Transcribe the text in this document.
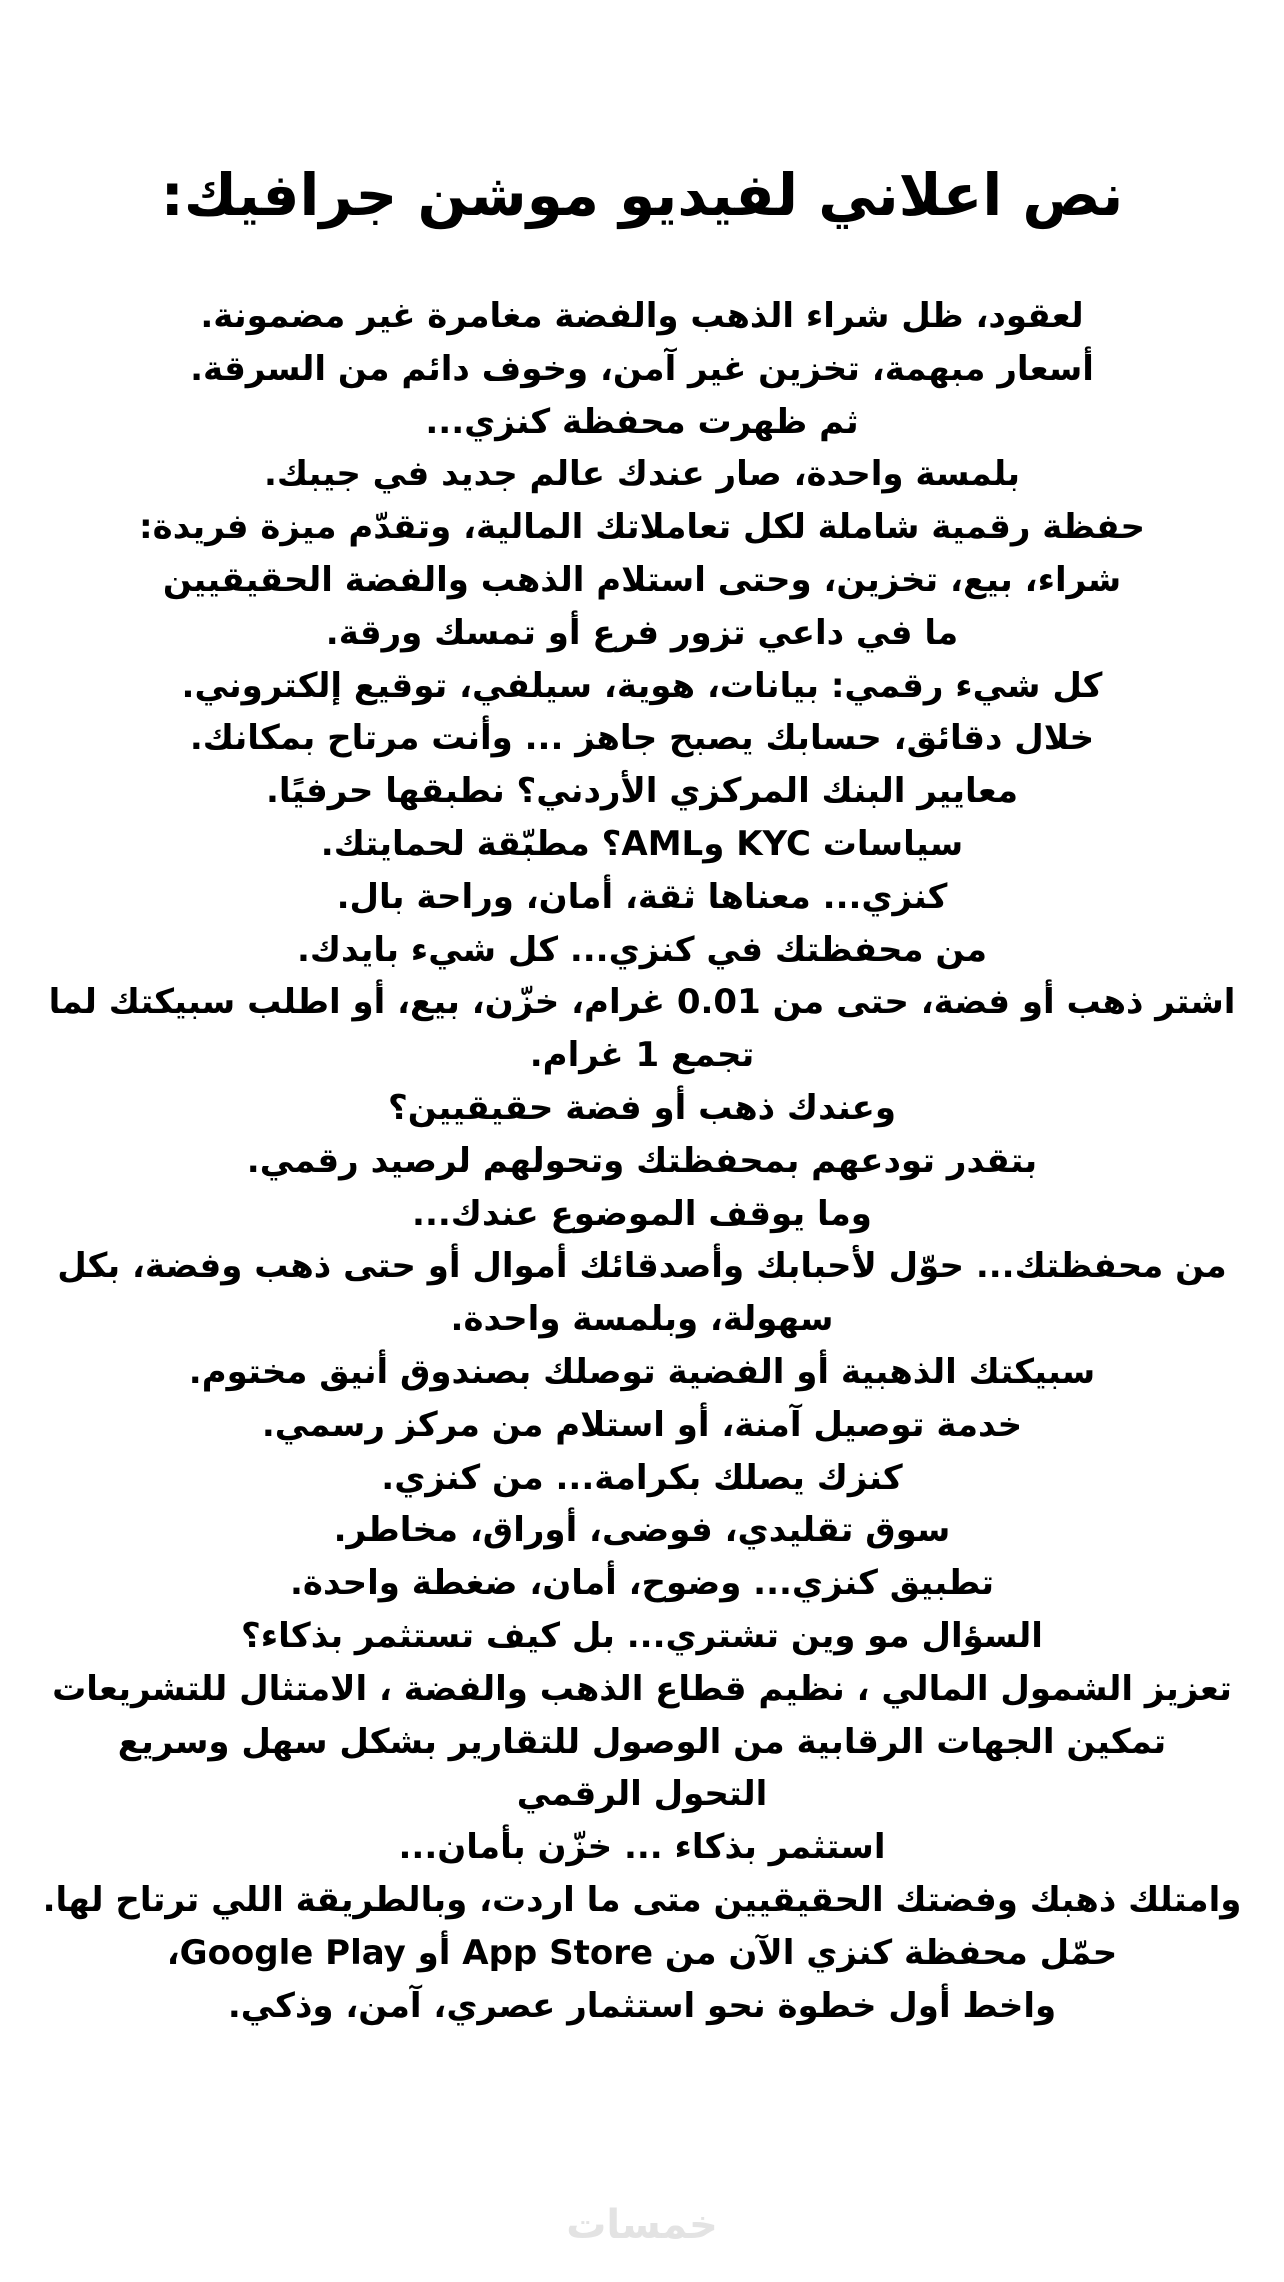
نص اعلاني لفيديو موشن جرافيك:
لعقود، ظل شراء الذهب والفضة مغامرة غير مضمونة.
أسعار مبهمة، تخزين غير آمن، وخوف دائم من السرقة.
ثم ظهرت محفظة كنزي...
بلمسة واحدة، صار عندك عالم جديد في جيبك.
حفظة رقمية شاملة لكل تعاملاتك المالية، وتقدّم ميزة فريدة:
شراء، بيع، تخزين، وحتى استلام الذهب والفضة الحقيقيين
ما في داعي تزور فرع أو تمسك ورقة.
كل شيء رقمي: بيانات، هوية، سيلفي، توقيع إلكتروني.
خلال دقائق، حسابك يصبح جاهز ... وأنت مرتاح بمكانك.
معايير البنك المركزي الأردني؟ نطبقها حرفيًا.
سياسات KYC وAML؟ مطبّقة لحمايتك.
كنزي... معناها ثقة، أمان، وراحة بال.
من محفظتك في كنزي... كل شيء بايدك.
اشتر ذهب أو فضة، حتى من 0.01 غرام، خزّن، بيع، أو اطلب سبيكتك لما تجمع 1 غرام.
وعندك ذهب أو فضة حقيقيين؟
بتقدر تودعهم بمحفظتك وتحولهم لرصيد رقمي.
وما يوقف الموضوع عندك...
من محفظتك... حوّل لأحبابك وأصدقائك أموال أو حتى ذهب وفضة، بكل سهولة، وبلمسة واحدة.
سبيكتك الذهبية أو الفضية توصلك بصندوق أنيق مختوم.
خدمة توصيل آمنة، أو استلام من مركز رسمي.
كنزك يصلك بكرامة... من كنزي.
سوق تقليدي، فوضى، أوراق، مخاطر.
تطبيق كنزي... وضوح، أمان، ضغطة واحدة.
السؤال مو وين تشتري... بل كيف تستثمر بذكاء؟
تعزيز الشمول المالي ، نظيم قطاع الذهب والفضة ، الامتثال للتشريعات تمكين الجهات الرقابية من الوصول للتقارير بشكل سهل وسريع
التحول الرقمي
استثمر بذكاء ... خزّن بأمان...
وامتلك ذهبك وفضتك الحقيقيين متى ما اردت، وبالطريقة اللي ترتاح لها.
حمّل محفظة كنزي الآن من App Store أو Google Play،
واخط أول خطوة نحو استثمار عصري، آمن، وذكي.
خمسات
